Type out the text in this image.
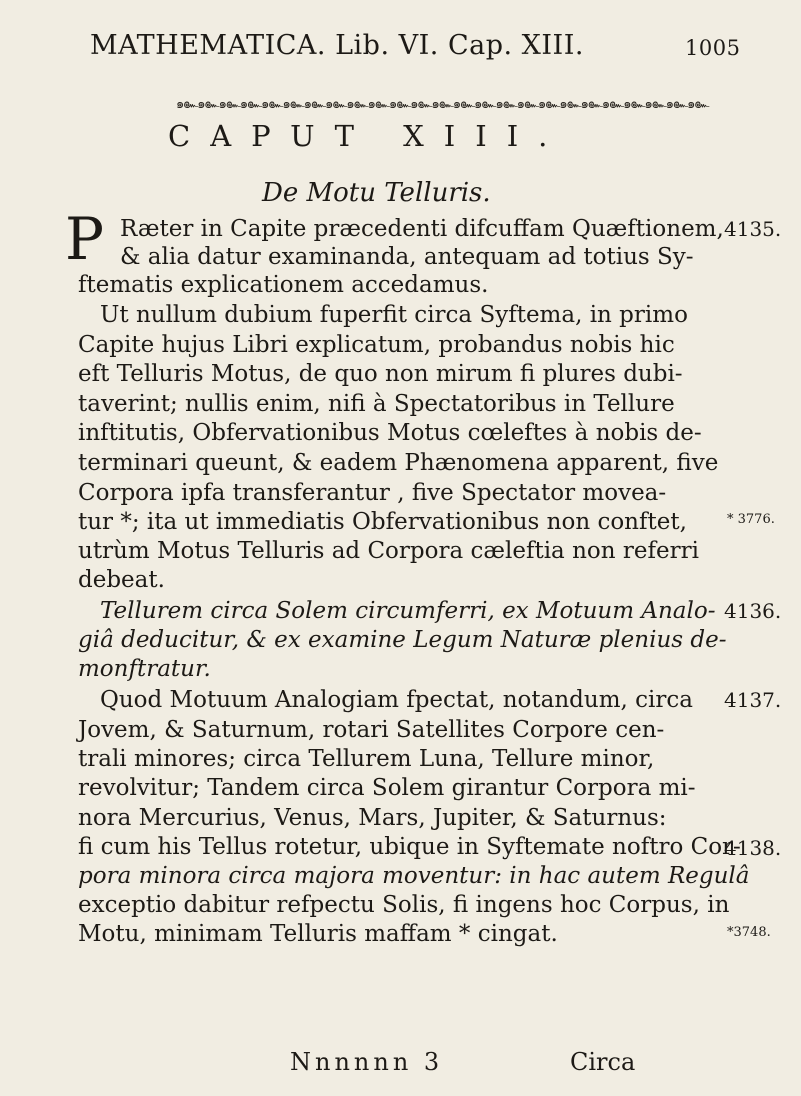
MATHEMATICA. Lib. VI. Cap. XIII.	1005
๑๛๑๛๑๛๑๛๑๛๑๛๑๛๑๛๑๛๑๛๑๛๑๛๑๛๑๛๑๛๑๛๑๛๑๛๑๛๑๛๑๛๑๛๑๛๑๛๑๛
CAPUT XIII.
De Motu Telluris.
P Ræter in Capite præcedenti difcuffam Quæftionem,
& alia datur examinanda, antequam ad totius Sy-
ftematis explicationem accedamus.
Ut nullum dubium fuperfit circa Syftema, in primo
Capite hujus Libri explicatum, probandus nobis hic
eft Telluris Motus, de quo non mirum fi plures dubi-
taverint; nullis enim, nifi à Spectatoribus in Tellure
inftitutis, Obfervationibus Motus cœleftes à nobis de-
terminari queunt, & eadem Phænomena apparent, five
Corpora ipfa transferantur , five Spectator movea-
tur *; ita ut immediatis Obfervationibus non conftet,
utrùm Motus Telluris ad Corpora cæleftia non referri
debeat.
Tellurem circa Solem circumferri, ex Motuum Analo-
giâ deducitur, & ex examine Legum Naturæ plenius de-
monftratur.
Quod Motuum Analogiam fpectat, notandum, circa
Jovem, & Saturnum, rotari Satellites Corpore cen-
trali minores; circa Tellurem Luna, Tellure minor,
revolvitur; Tandem circa Solem girantur Corpora mi-
nora Mercurius, Venus, Mars, Jupiter, & Saturnus:
fi cum his Tellus rotetur, ubique in Syftemate noftro Cor-
pora minora circa majora moventur: in hac autem Regulâ
exceptio dabitur refpectu Solis, fi ingens hoc Corpus, in
Motu, minimam Telluris maffam * cingat.
4135.
* 3776.
4136.
4137.
4138.
*3748.
Nnnnnn 3	Circa
